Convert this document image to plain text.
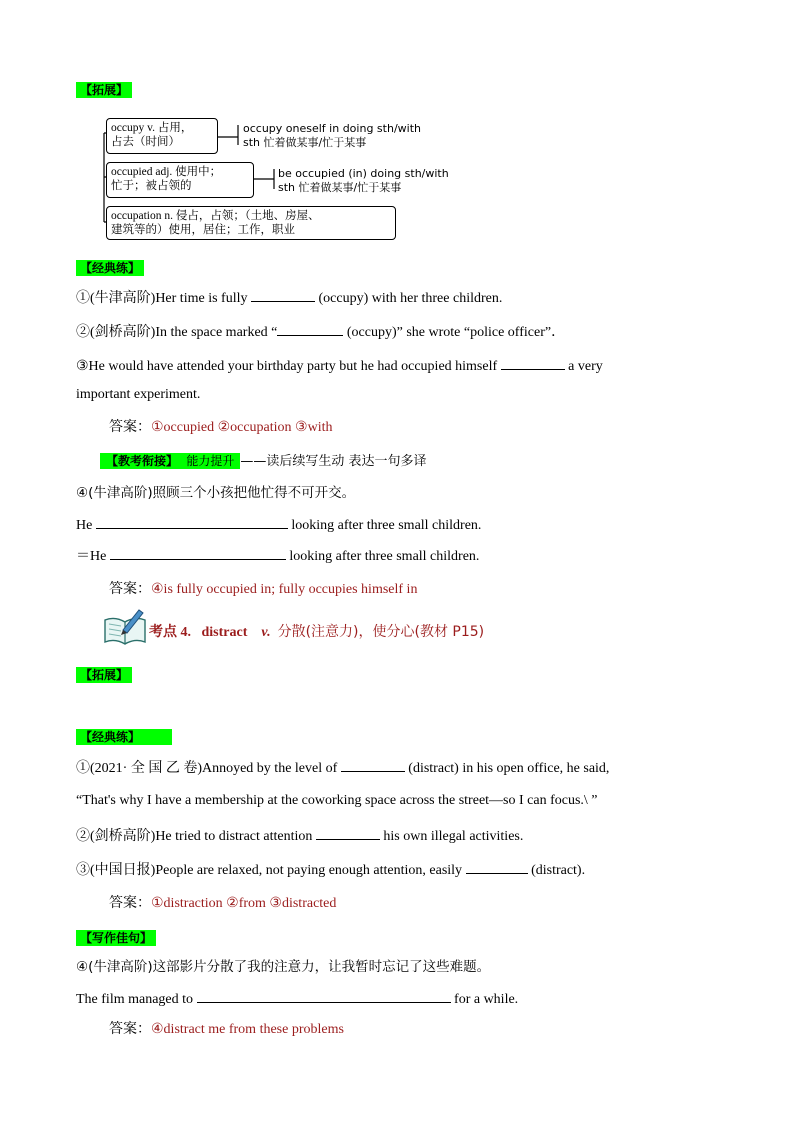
【拓展】
occupy v. 占用，
占去（时间）
occupy oneself in doing sth/with
sth 忙着做某事/忙于某事
occupied adj. 使用中；
忙于；被占领的
be occupied (in) doing sth/with
sth 忙着做某事/忙于某事
occupation n. 侵占，占领；（土地、房屋、
建筑等的）使用，居住；工作，职业
【经典练】
①(牛津高阶)Her time is fully	(occupy) with her three children.
②(剑桥高阶)In the space marked “	(occupy)” she wrote “police officer”．
③He would have attended your birthday party but he had occupied himself	a very
important experiment.
答案：①occupied ②occupation ③with
【教考衔接】 能力提升 ——读后续写生动 表达一句多译
④(牛津高阶)照顾三个小孩把他忙得不可开交。
He	looking after three small children.
＝He	looking after three small children.
答案：④is fully occupied in; fully occupies himself in
考点 4. distract v. 分散(注意力)，使分心(教材 P15)
【拓展】
【经典练】
①(2021· 全 国 乙 卷)Annoyed by the level of	(distract) in his open office, he said,
“That's why I have a membership at the coworking space across the street—so I can focus.\ ”
②(剑桥高阶)He tried to distract attention	his own illegal activities.
③(中国日报)People are relaxed, not paying enough attention, easily	(distract).
答案：①distraction ②from ③distracted
【写作佳句】
④(牛津高阶)这部影片分散了我的注意力，让我暂时忘记了这些难题。
The film managed to	for a while.
答案：④distract me from these problems
